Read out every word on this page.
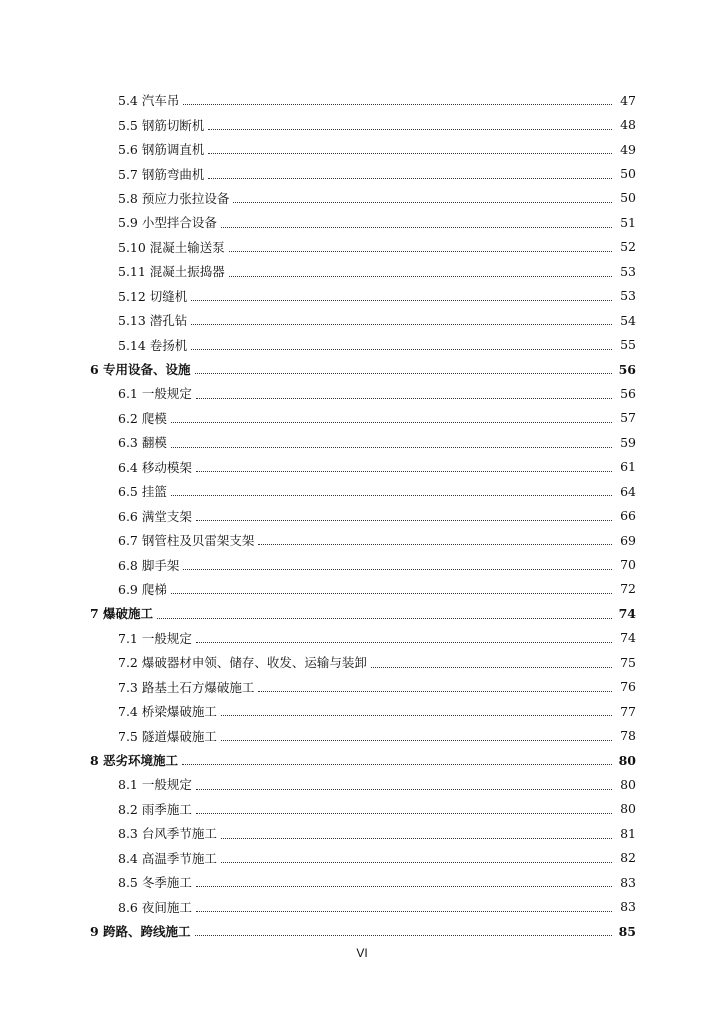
5.4 汽车吊	47
5.5 钢筋切断机	48
5.6 钢筋调直机	49
5.7 钢筋弯曲机	50
5.8 预应力张拉设备	50
5.9 小型拌合设备	51
5.10 混凝土输送泵	52
5.11 混凝土振捣器	53
5.12 切缝机	53
5.13 潜孔钻	54
5.14 卷扬机	55
6 专用设备、设施	56
6.1 一般规定	56
6.2 爬模	57
6.3 翻模	59
6.4 移动模架	61
6.5 挂篮	64
6.6 满堂支架	66
6.7 钢管柱及贝雷架支架	69
6.8 脚手架	70
6.9 爬梯	72
7 爆破施工	74
7.1 一般规定	74
7.2 爆破器材申领、储存、收发、运输与装卸	75
7.3 路基土石方爆破施工	76
7.4 桥梁爆破施工	77
7.5 隧道爆破施工	78
8 恶劣环境施工	80
8.1 一般规定	80
8.2 雨季施工	80
8.3 台风季节施工	81
8.4 高温季节施工	82
8.5 冬季施工	83
8.6 夜间施工	83
9 跨路、跨线施工	85
VI
